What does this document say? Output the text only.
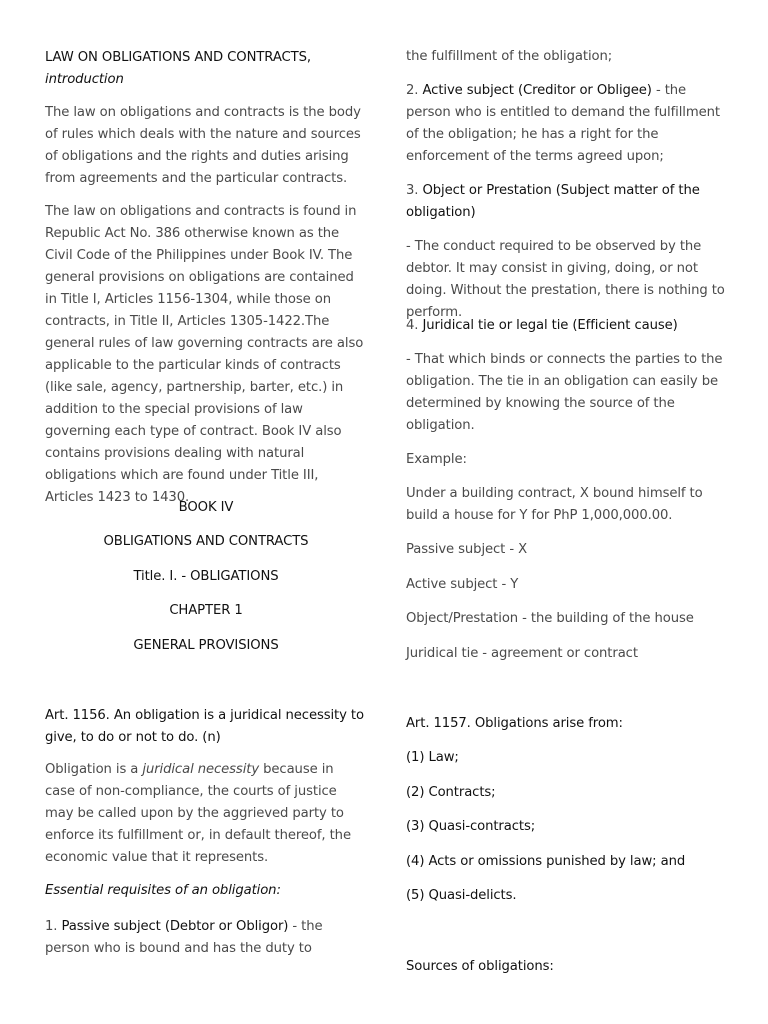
LAW ON OBLIGATIONS AND CONTRACTS,
introduction

The law on obligations and contracts is the body of rules which deals with the nature and sources of obligations and the rights and duties arising from agreements and the particular contracts.

The law on obligations and contracts is found in Republic Act No. 386 otherwise known as the Civil Code of the Philippines under Book IV. The general provisions on obligations are contained in Title I, Articles 1156-1304, while those on contracts, in Title II, Articles 1305-1422.The general rules of law governing contracts are also applicable to the particular kinds of contracts (like sale, agency, partnership, barter, etc.) in addition to the special provisions of law governing each type of contract. Book IV also contains provisions dealing with natural obligations which are found under Title III, Articles 1423 to 1430.

BOOK IV

OBLIGATIONS AND CONTRACTS

Title. I. - OBLIGATIONS

CHAPTER 1

GENERAL PROVISIONS

Art. 1156. An obligation is a juridical necessity to give, to do or not to do. (n)

Obligation is a juridical necessity because in case of non-compliance, the courts of justice may be called upon by the aggrieved party to enforce its fulfillment or, in default thereof, the economic value that it represents.

Essential requisites of an obligation:

1. Passive subject (Debtor or Obligor) - the person who is bound and has the duty to

the fulfillment of the obligation;

2. Active subject (Creditor or Obligee) - the person who is entitled to demand the fulfillment of the obligation; he has a right for the enforcement of the terms agreed upon;

3. Object or Prestation (Subject matter of the obligation)

- The conduct required to be observed by the debtor. It may consist in giving, doing, or not doing. Without the prestation, there is nothing to perform.

4. Juridical tie or legal tie (Efficient cause)

- That which binds or connects the parties to the obligation. The tie in an obligation can easily be determined by knowing the source of the obligation.

Example:

Under a building contract, X bound himself to build a house for Y for PhP 1,000,000.00.

Passive subject - X

Active subject - Y

Object/Prestation - the building of the house

Juridical tie - agreement or contract

Art. 1157. Obligations arise from:

(1) Law;

(2) Contracts;

(3) Quasi-contracts;

(4) Acts or omissions punished by law; and

(5) Quasi-delicts.

Sources of obligations:
